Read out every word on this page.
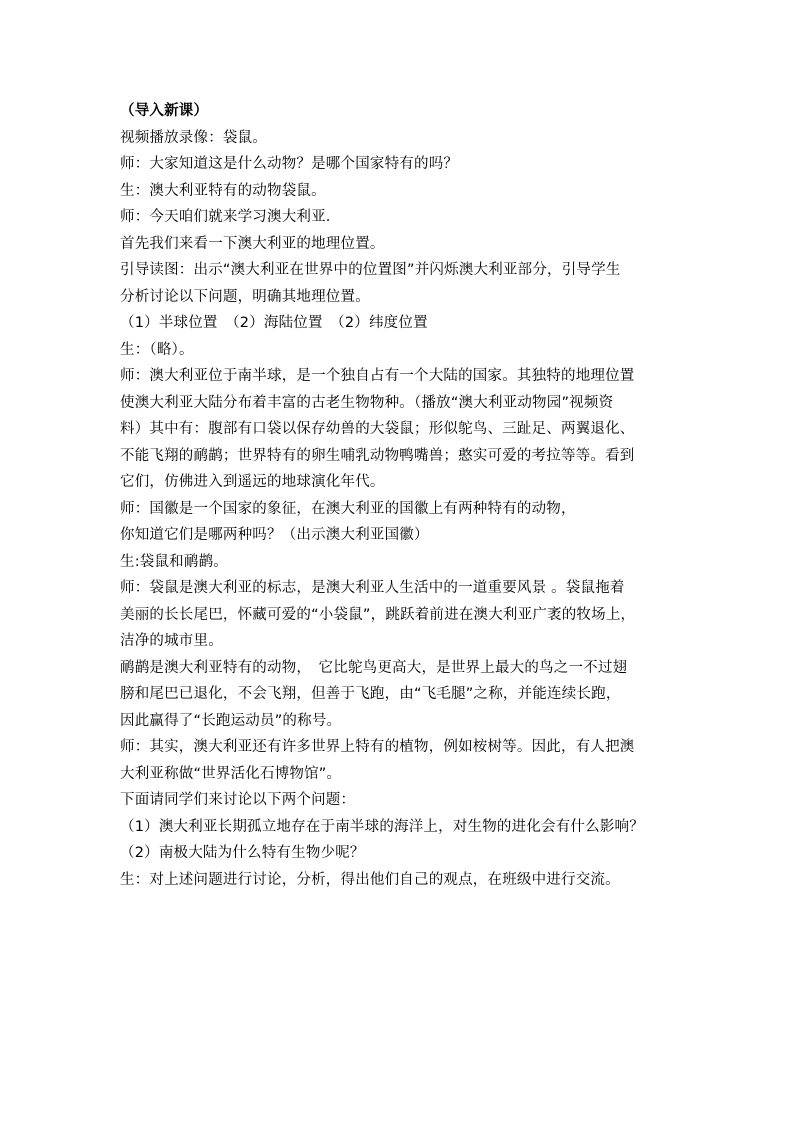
（导入新课）
视频播放录像：袋鼠。
师：大家知道这是什么动物？是哪个国家特有的吗？
生：澳大利亚特有的动物袋鼠。
师：今天咱们就来学习澳大利亚.
首先我们来看一下澳大利亚的地理位置。
引导读图：出示“澳大利亚在世界中的位置图”并闪烁澳大利亚部分，引导学生
分析讨论以下问题，明确其地理位置。
（1）半球位置　（2）海陆位置　（2）纬度位置
生：（略）。
师：澳大利亚位于南半球，是一个独自占有一个大陆的国家。其独特的地理位置
使澳大利亚大陆分布着丰富的古老生物物种。（播放“澳大利亚动物园”视频资
料）其中有：腹部有口袋以保存幼兽的大袋鼠；形似鸵鸟、三趾足、两翼退化、
不能飞翔的鸸鹋；世界特有的卵生哺乳动物鸭嘴兽；憨实可爱的考拉等等。看到
它们，仿佛进入到遥远的地球演化年代。
师：国徽是一个国家的象征，在澳大利亚的国徽上有两种特有的动物，
你知道它们是哪两种吗？（出示澳大利亚国徽）
生:袋鼠和鸸鹋。
师：袋鼠是澳大利亚的标志，是澳大利亚人生活中的一道重要风景 。袋鼠拖着
美丽的长长尾巴，怀藏可爱的“小袋鼠”，跳跃着前进在澳大利亚广袤的牧场上，
洁净的城市里。
鸸鹋是澳大利亚特有的动物，　它比鸵鸟更高大，是世界上最大的鸟之一不过翅
膀和尾巴已退化，不会飞翔，但善于飞跑，由“飞毛腿”之称，并能连续长跑，
因此赢得了“长跑运动员”的称号。
师：其实，澳大利亚还有许多世界上特有的植物，例如桉树等。因此，有人把澳
大利亚称做“世界活化石博物馆”。
下面请同学们来讨论以下两个问题：
（1）澳大利亚长期孤立地存在于南半球的海洋上，对生物的进化会有什么影响？
（2）南极大陆为什么特有生物少呢？
生：对上述问题进行讨论，分析，得出他们自己的观点，在班级中进行交流。
